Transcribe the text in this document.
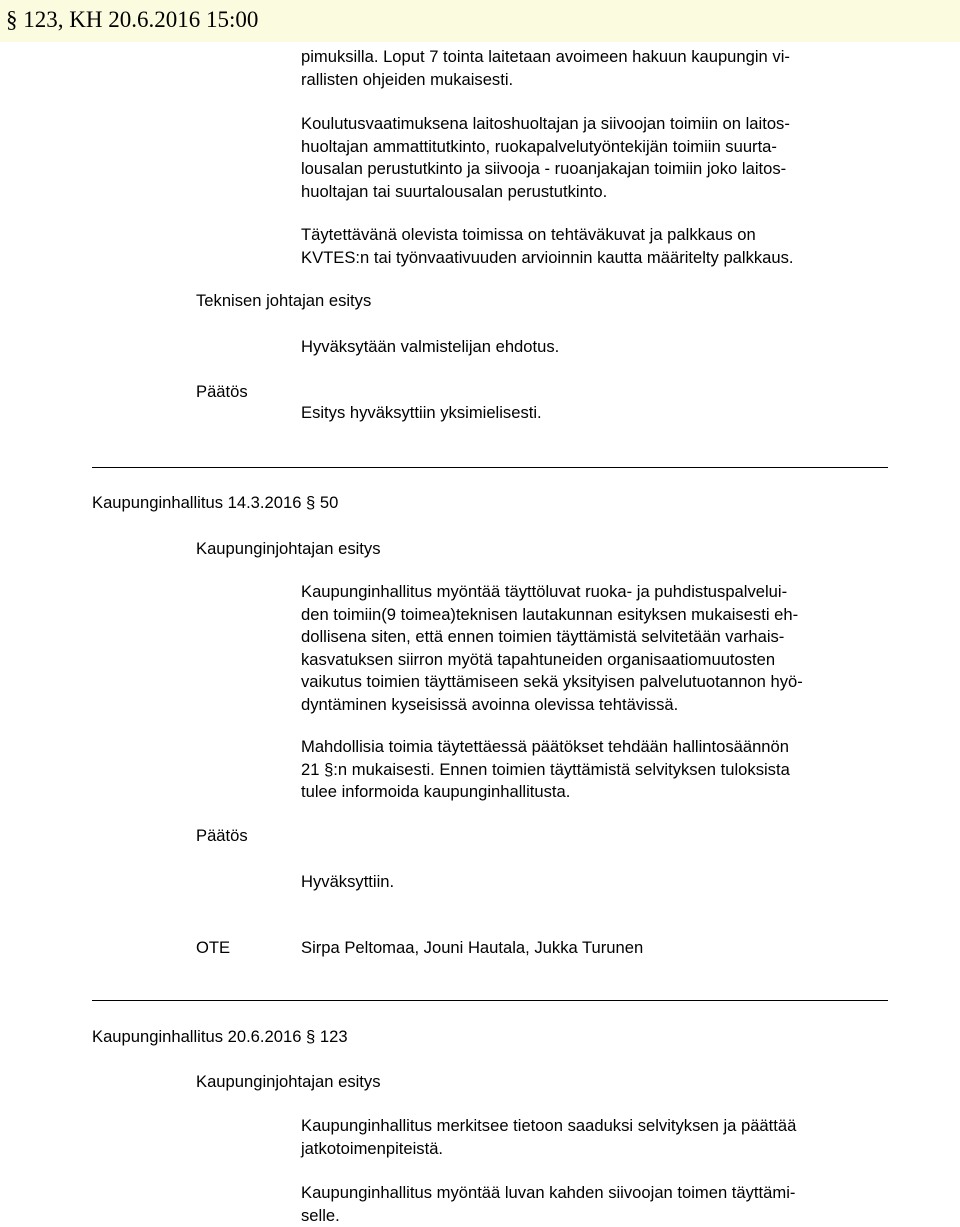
§ 123, KH 20.6.2016 15:00
pimuksilla. Loput 7 tointa laitetaan avoimeen hakuun kaupungin vi-
rallisten ohjeiden mukaisesti.
Koulutusvaatimuksena laitoshuoltajan ja siivoojan toimiin on laitos-
huoltajan ammattitutkinto, ruokapalvelutyöntekijän toimiin suurta-
lousalan perustutkinto ja siivooja - ruoanjakajan toimiin joko laitos-
huoltajan tai suurtalousalan perustutkinto.
Täytettävänä olevista toimissa on tehtäväkuvat ja palkkaus on
KVTES:n tai työnvaativuuden arvioinnin kautta määritelty palkkaus.
Teknisen johtajan esitys
Hyväksytään valmistelijan ehdotus.
Päätös
Esitys hyväksyttiin yksimielisesti.
Kaupunginhallitus 14.3.2016 § 50
Kaupunginjohtajan esitys
Kaupunginhallitus myöntää täyttöluvat ruoka- ja puhdistuspalvelui-
den toimiin(9 toimea)teknisen lautakunnan esityksen mukaisesti eh-
dollisena siten, että ennen toimien täyttämistä selvitetään varhais-
kasvatuksen siirron myötä tapahtuneiden organisaatiomuutosten
vaikutus toimien täyttämiseen sekä yksityisen palvelutuotannon hyö-
dyntäminen kyseisissä avoinna olevissa tehtävissä.
Mahdollisia toimia täytettäessä päätökset tehdään hallintosäännön
21 §:n mukaisesti. Ennen toimien täyttämistä selvityksen tuloksista
tulee informoida kaupunginhallitusta.
Päätös
Hyväksyttiin.
OTE	Sirpa Peltomaa, Jouni Hautala, Jukka Turunen
Kaupunginhallitus 20.6.2016 § 123
Kaupunginjohtajan esitys
Kaupunginhallitus merkitsee tietoon saaduksi selvityksen ja päättää
jatkotoimenpiteistä.
Kaupunginhallitus myöntää luvan kahden siivoojan toimen täyttämi-
selle.
